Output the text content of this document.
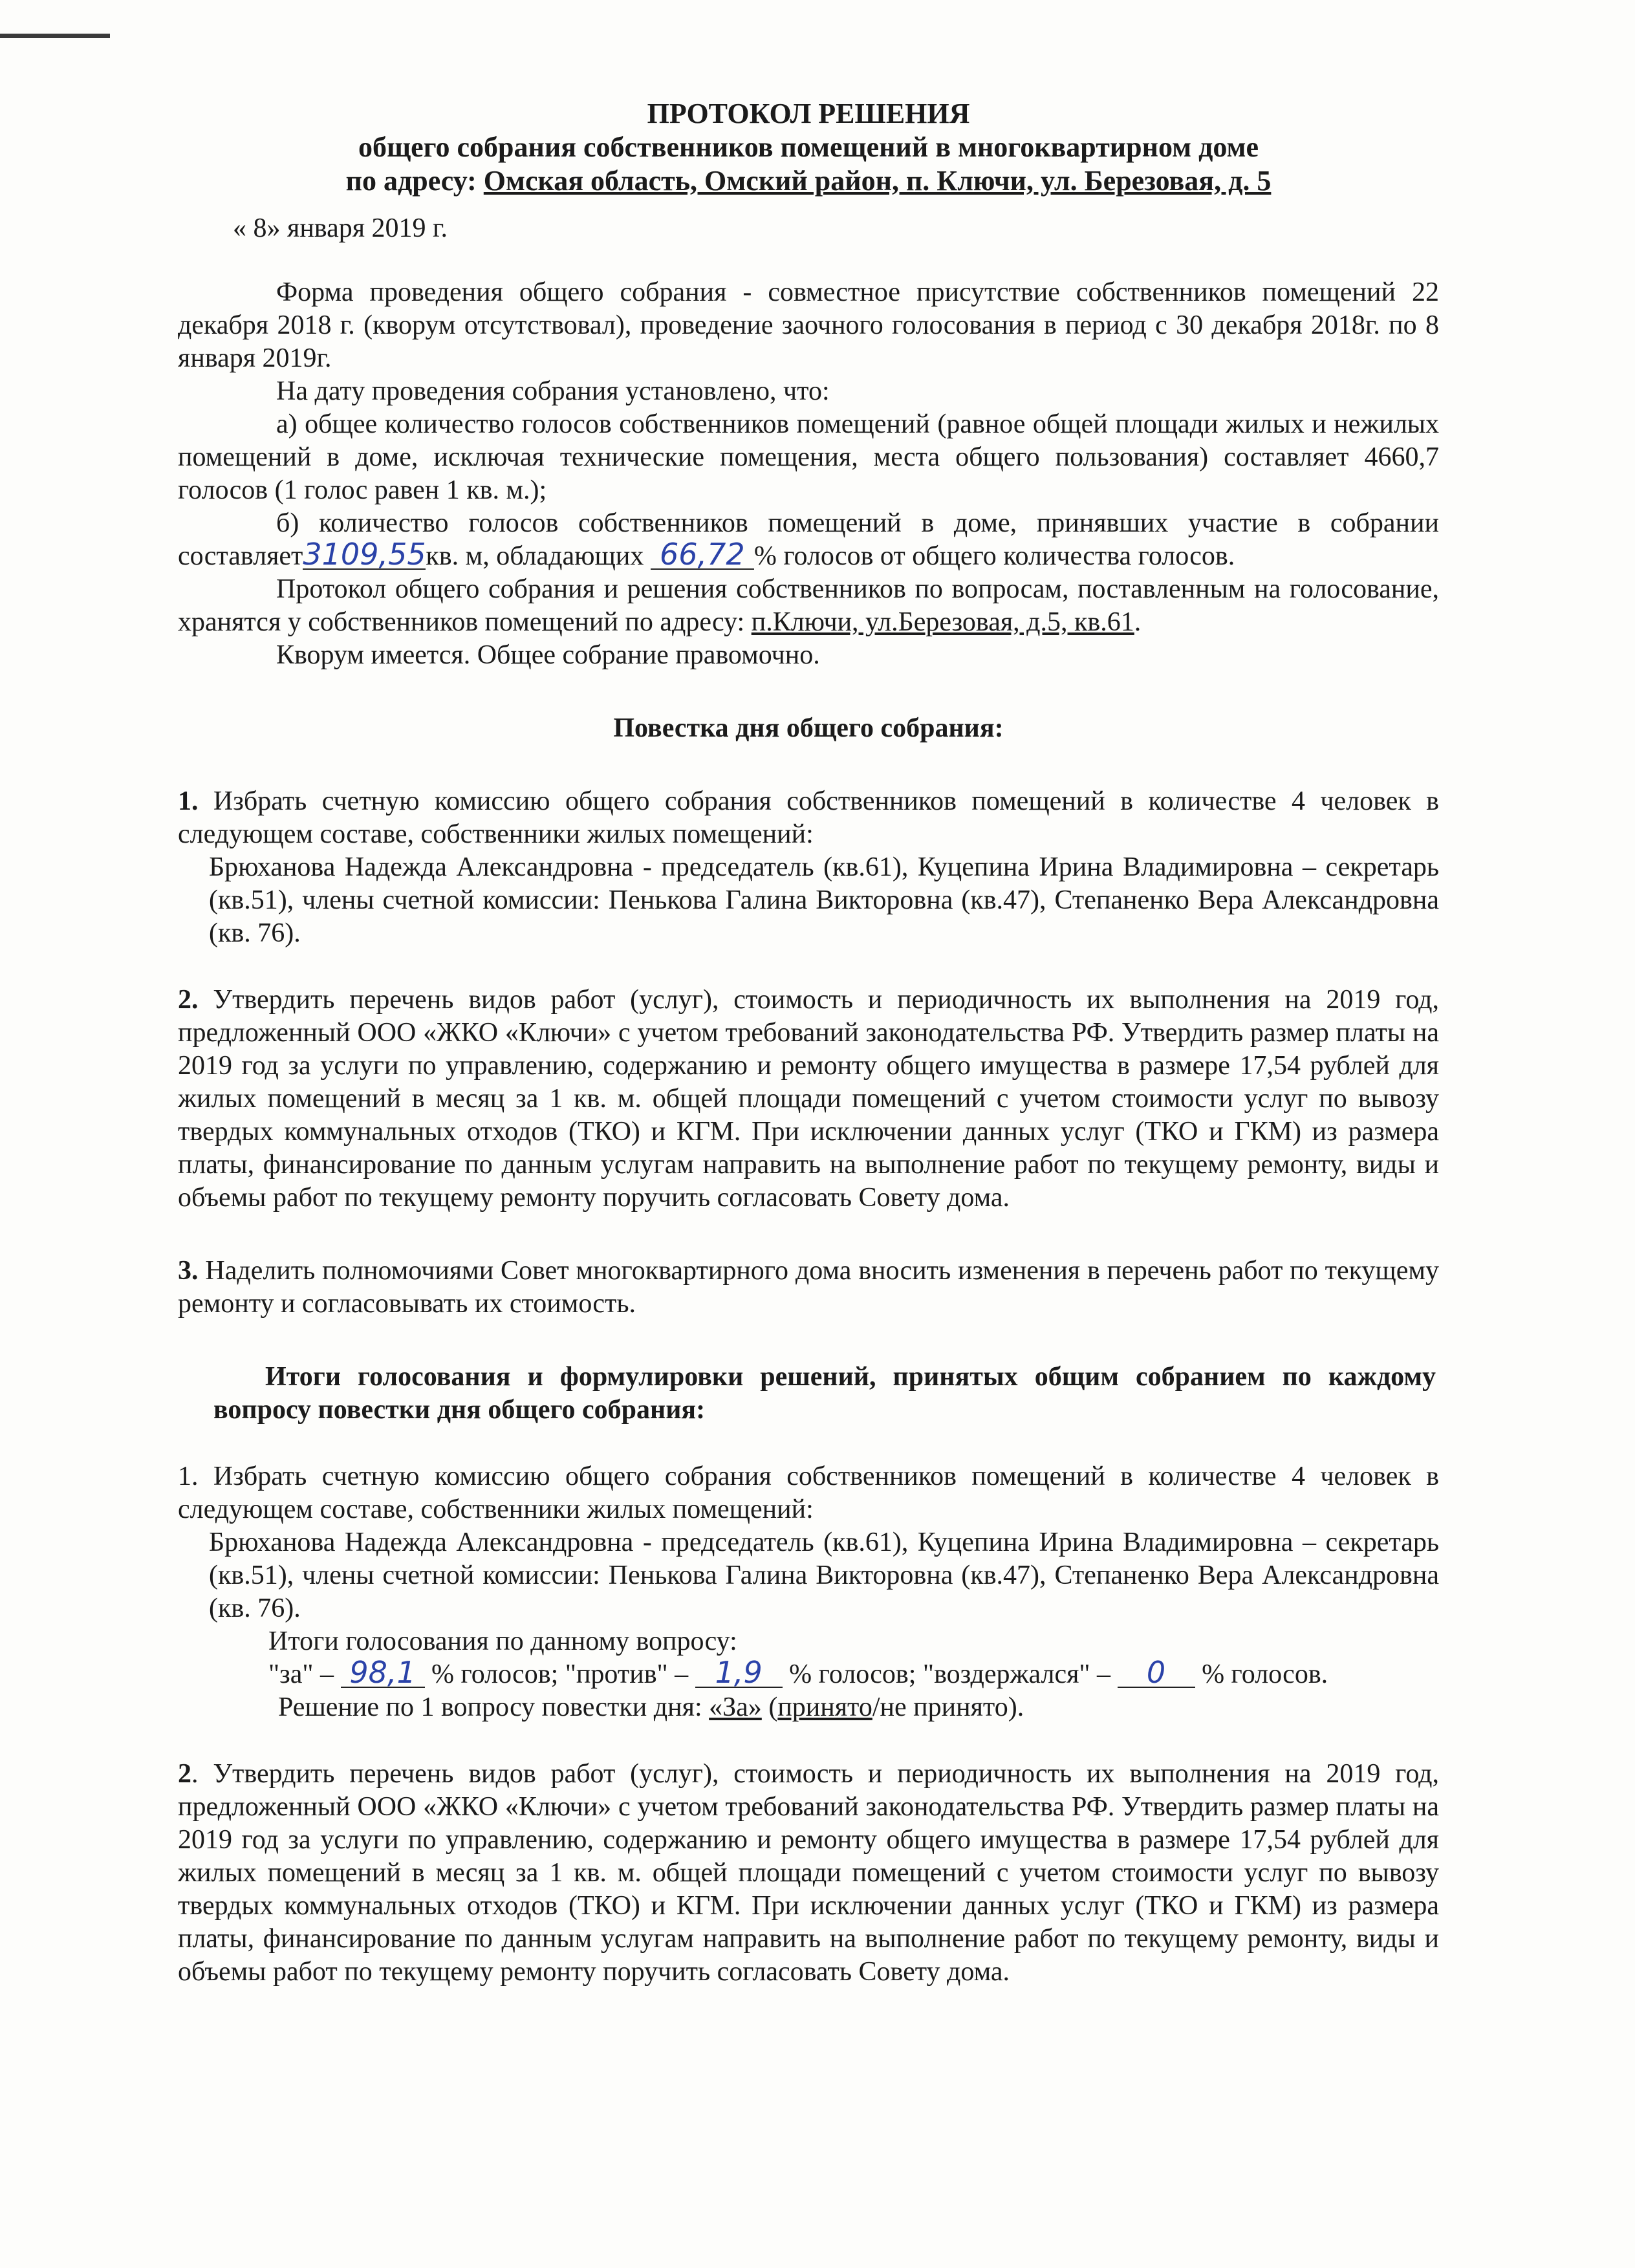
ПРОТОКОЛ РЕШЕНИЯ
общего собрания собственников помещений в многоквартирном доме
по адресу: Омская область, Омский район, п. Ключи, ул. Березовая, д. 5
« 8» января 2019 г.

Форма проведения общего собрания - совместное присутствие собственников помещений 22 декабря 2018 г. (кворум отсутствовал), проведение заочного голосования в период с 30 декабря 2018г. по 8 января 2019г.

На дату проведения собрания установлено, что:

а) общее количество голосов собственников помещений (равное общей площади жилых и нежилых помещений в доме, исключая технические помещения, места общего пользования) составляет 4660,7 голосов (1 голос равен 1 кв. м.);

б) количество голосов собственников помещений в доме, принявших участие в собрании составляет3109,55кв. м, обладающих 66,72 % голосов от общего количества голосов.

Протокол общего собрания и решения собственников по вопросам, поставленным на голосование, хранятся у собственников помещений по адресу: п.Ключи, ул.Березовая, д.5, кв.61.

Кворум имеется. Общее собрание правомочно.

Повестка дня общего собрания:

1. Избрать счетную комиссию общего собрания собственников помещений в количестве 4 человек в следующем составе, собственники жилых помещений:

Брюханова Надежда Александровна - председатель (кв.61), Куцепина Ирина Владимировна – секретарь (кв.51), члены счетной комиссии: Пенькова Галина Викторовна (кв.47), Степаненко Вера Александровна (кв. 76).

2. Утвердить перечень видов работ (услуг), стоимость и периодичность их выполнения на 2019 год, предложенный ООО «ЖКО «Ключи» с учетом требований законодательства РФ. Утвердить размер платы на 2019 год за услуги по управлению, содержанию и ремонту общего имущества в размере 17,54 рублей для жилых помещений в месяц за 1 кв. м. общей площади помещений с учетом стоимости услуг по вывозу твердых коммунальных отходов (ТКО) и КГМ. При исключении данных услуг (ТКО и ГКМ) из размера платы, финансирование по данным услугам направить на выполнение работ по текущему ремонту, виды и объемы работ по текущему ремонту поручить согласовать Совету дома.

3. Наделить полномочиями Совет многоквартирного дома вносить изменения в перечень работ по текущему ремонту и согласовывать их стоимость.

Итоги голосования и формулировки решений, принятых общим собранием по каждому вопросу повестки дня общего собрания:

1. Избрать счетную комиссию общего собрания собственников помещений в количестве 4 человек в следующем составе, собственники жилых помещений:

Брюханова Надежда Александровна - председатель (кв.61), Куцепина Ирина Владимировна – секретарь (кв.51), члены счетной комиссии: Пенькова Галина Викторовна (кв.47), Степаненко Вера Александровна (кв. 76).

Итоги голосования по данному вопросу:
"за" – 98,1 % голосов; "против" – 1,9 % голосов; "воздержался" – 0 % голосов.
Решение по 1 вопросу повестки дня: «За» (принято/не принято).

2. Утвердить перечень видов работ (услуг), стоимость и периодичность их выполнения на 2019 год, предложенный ООО «ЖКО «Ключи» с учетом требований законодательства РФ. Утвердить размер платы на 2019 год за услуги по управлению, содержанию и ремонту общего имущества в размере 17,54 рублей для жилых помещений в месяц за 1 кв. м. общей площади помещений с учетом стоимости услуг по вывозу твердых коммунальных отходов (ТКО) и КГМ. При исключении данных услуг (ТКО и ГКМ) из размера платы, финансирование по данным услугам направить на выполнение работ по текущему ремонту, виды и объемы работ по текущему ремонту поручить согласовать Совету дома.
